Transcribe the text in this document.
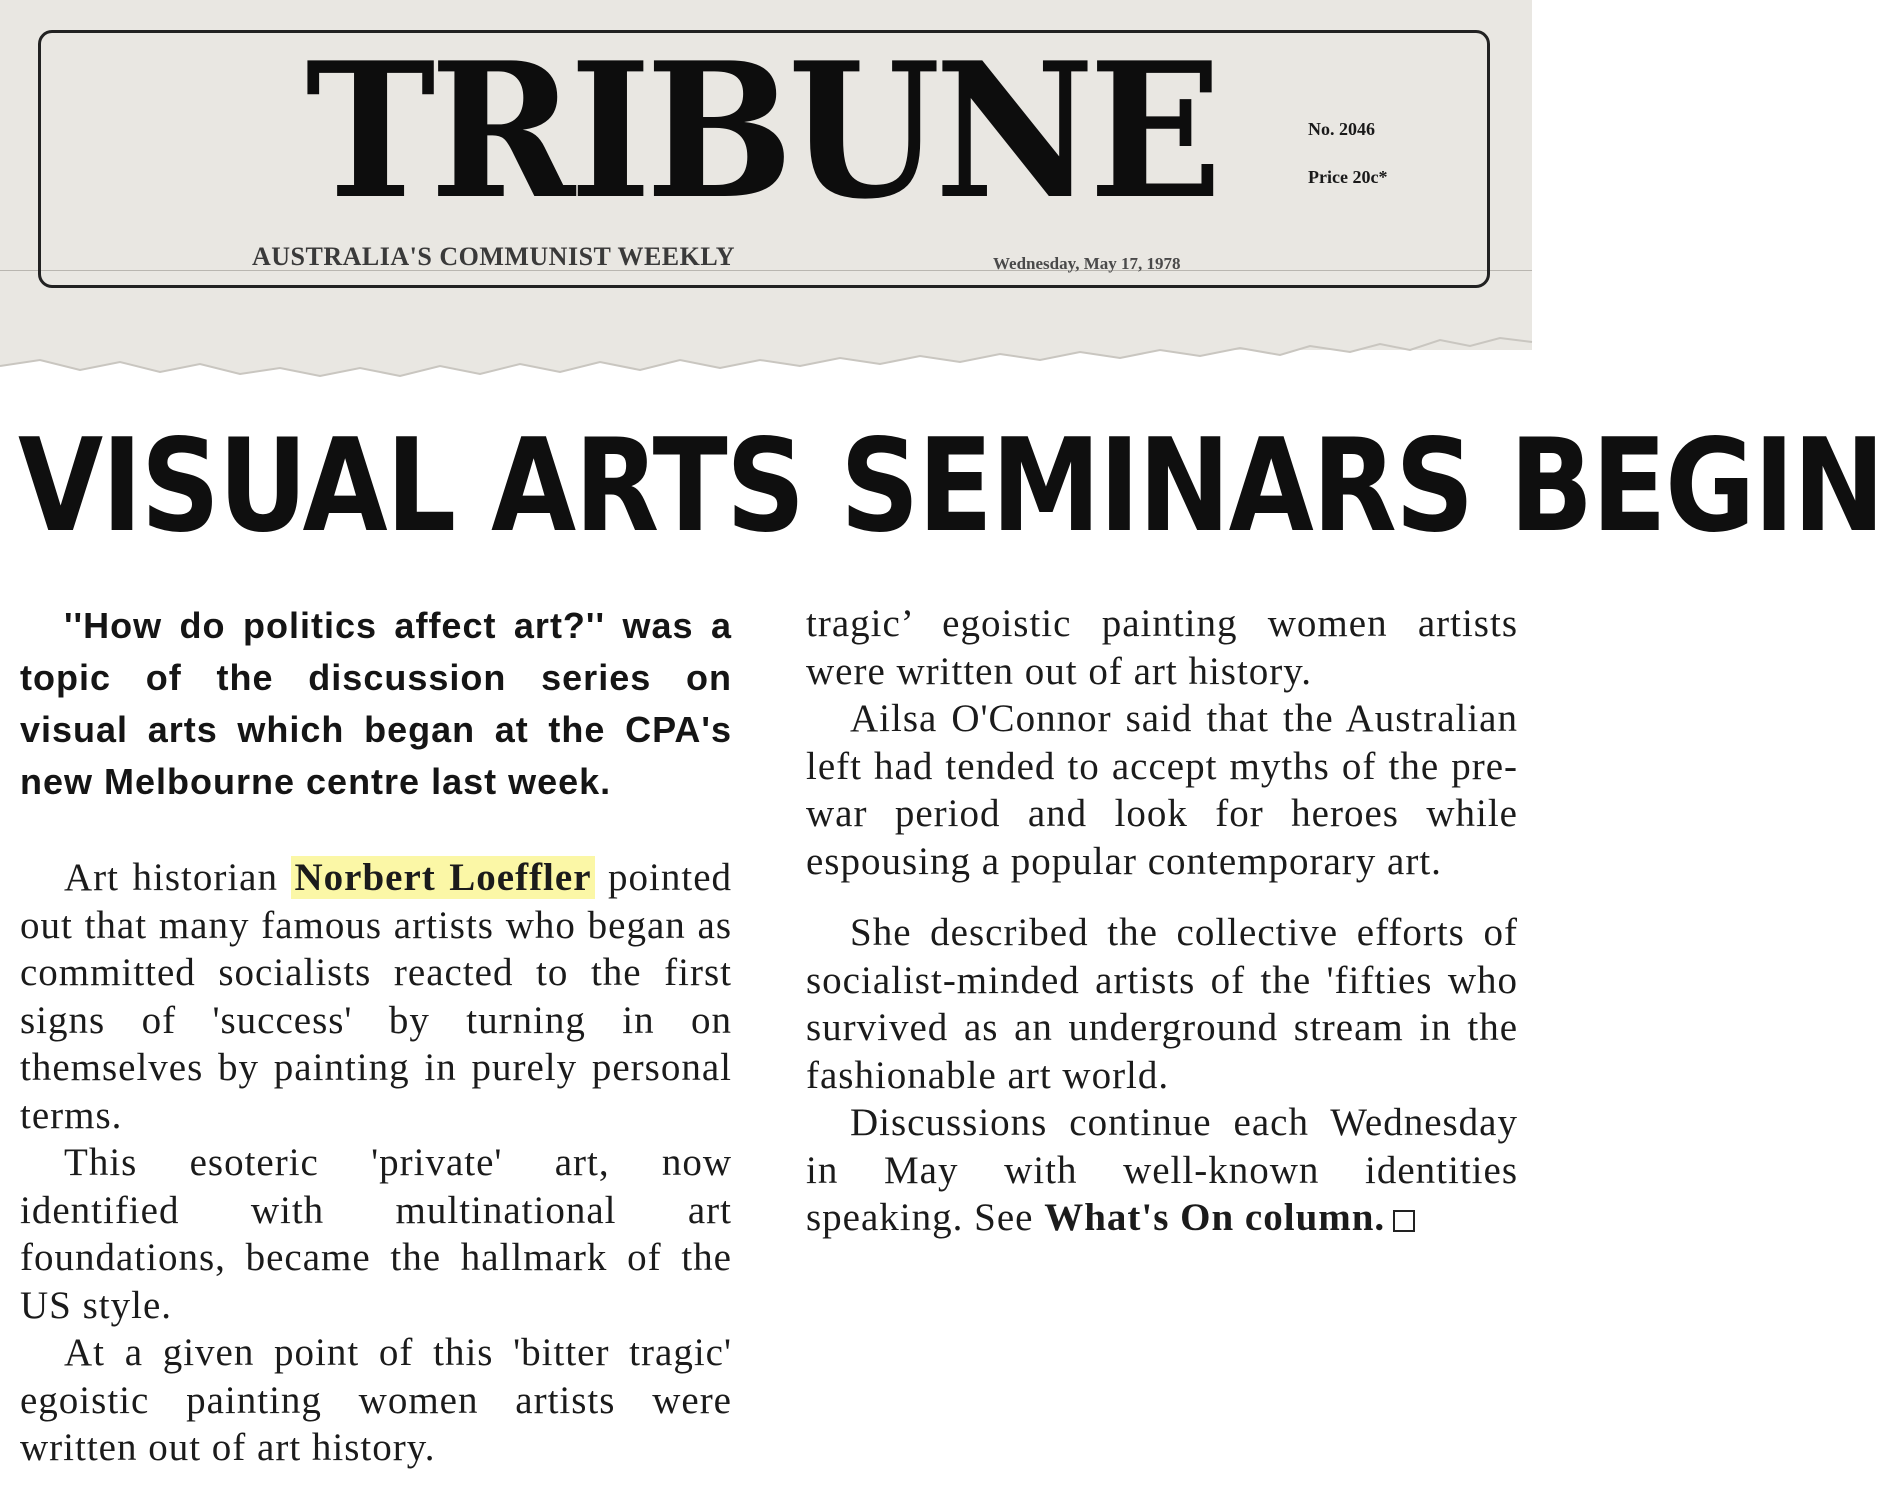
TRIBUNE	No. 2046
Price 20c*
AUSTRALIA'S COMMUNIST WEEKLY	Wednesday, May 17, 1978
VISUAL ARTS SEMINARS BEGIN

''How do politics affect art?'' was a topic of the discussion series on visual arts which began at the CPA's new Melbourne centre last week.

Art historian Norbert Loeffler pointed out that many famous artists who began as committed socialists reacted to the first signs of 'success' by turning in on themselves by painting in purely personal terms.

This esoteric 'private' art, now identified with multinational art foundations, became the hallmark of the US style.

At a given point of this 'bitter tragic' egoistic painting women artists were written out of art history.

tragic’ egoistic painting women artists were written out of art history.

Ailsa O'Connor said that the Australian left had tended to accept myths of the pre-war period and look for heroes while espousing a popular contemporary art.

She described the collective efforts of socialist-minded artists of the 'fifties who survived as an underground stream in the fashionable art world.

Discussions continue each Wednesday in May with well-known identities speaking. See What's On column.
